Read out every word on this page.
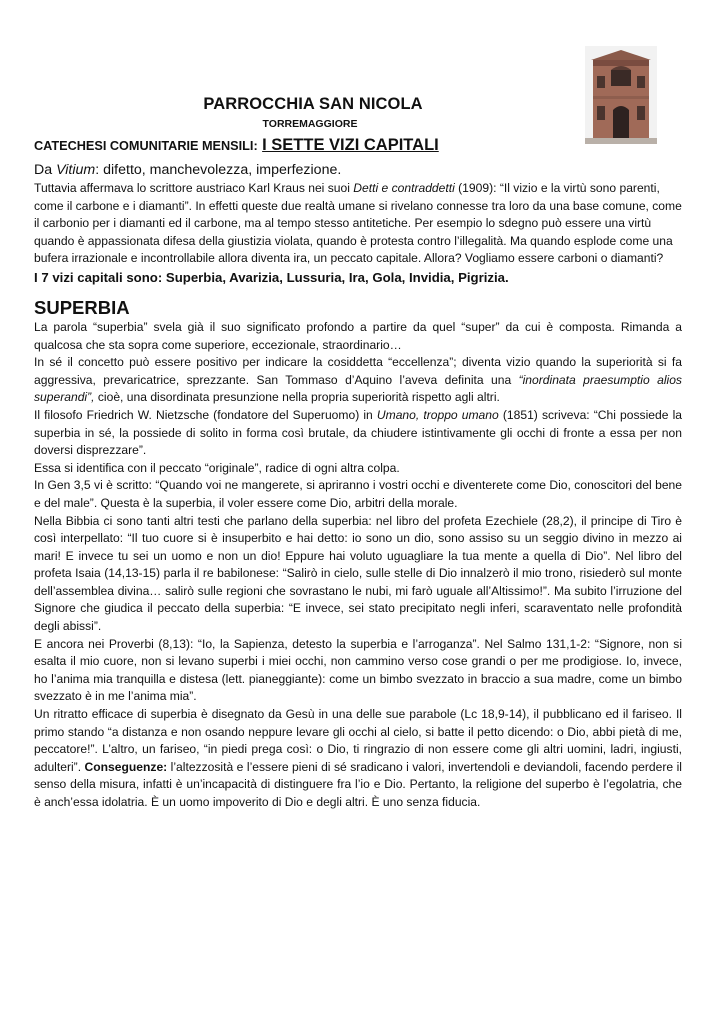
PARROCCHIA SAN NICOLA
TORREMAGGIORE
CATECHESI COMUNITARIE MENSILI: I SETTE VIZI CAPITALI

Da Vitium: difetto, manchevolezza, imperfezione.

Tuttavia affermava lo scrittore austriaco Karl Kraus nei suoi Detti e contraddetti (1909): “Il vizio e la virtù sono parenti, come il carbone e i diamanti”. In effetti queste due realtà umane si rivelano connesse tra loro da una base comune, come il carbonio per i diamanti ed il carbone, ma al tempo stesso antitetiche. Per esempio lo sdegno può essere una virtù quando è appassionata difesa della giustizia violata, quando è protesta contro l’illegalità. Ma quando esplode come una bufera irrazionale e incontrollabile allora diventa ira, un peccato capitale. Allora? Vogliamo essere carboni o diamanti?

I 7 vizi capitali sono: Superbia, Avarizia, Lussuria, Ira, Gola, Invidia, Pigrizia.

SUPERBIA

La parola “superbia” svela già il suo significato profondo a partire da quel “super” da cui è composta. Rimanda a qualcosa che sta sopra come superiore, eccezionale, straordinario…

In sé il concetto può essere positivo per indicare la cosiddetta “eccellenza”; diventa vizio quando la superiorità si fa aggressiva, prevaricatrice, sprezzante. San Tommaso d’Aquino l’aveva definita una “inordinata praesumptio alios superandi”, cioè, una disordinata presunzione nella propria superiorità rispetto agli altri.

Il filosofo Friedrich W. Nietzsche (fondatore del Superuomo) in Umano, troppo umano (1851) scriveva: “Chi possiede la superbia in sé, la possiede di solito in forma così brutale, da chiudere istintivamente gli occhi di fronte a essa per non doversi disprezzare”.

Essa si identifica con il peccato “originale”, radice di ogni altra colpa.

In Gen 3,5 vi è scritto: “Quando voi ne mangerete, si apriranno i vostri occhi e diventerete come Dio, conoscitori del bene e del male”. Questa è la superbia, il voler essere come Dio, arbitri della morale.

Nella Bibbia ci sono tanti altri testi che parlano della superbia: nel libro del profeta Ezechiele (28,2), il principe di Tiro è così interpellato: “Il tuo cuore si è insuperbito e hai detto: io sono un dio, sono assiso su un seggio divino in mezzo ai mari! E invece tu sei un uomo e non un dio! Eppure hai voluto uguagliare la tua mente a quella di Dio”. Nel libro del profeta Isaia (14,13-15) parla il re babilonese: “Salirò in cielo, sulle stelle di Dio innalzerò il mio trono, risiederò sul monte dell’assemblea divina… salirò sulle regioni che sovrastano le nubi, mi farò uguale all’Altissimo!”. Ma subito l’irruzione del Signore che giudica il peccato della superbia: “E invece, sei stato precipitato negli inferi, scaraventato nelle profondità degli abissi”.

E ancora nei Proverbi (8,13): “Io, la Sapienza, detesto la superbia e l’arroganza”. Nel Salmo 131,1-2: “Signore, non si esalta il mio cuore, non si levano superbi i miei occhi, non cammino verso cose grandi o per me prodigiose. Io, invece, ho l’anima mia tranquilla e distesa (lett. pianeggiante): come un bimbo svezzato in braccio a sua madre, come un bimbo svezzato è in me l’anima mia”.

Un ritratto efficace di superbia è disegnato da Gesù in una delle sue parabole (Lc 18,9-14), il pubblicano ed il fariseo. Il primo stando “a distanza e non osando neppure levare gli occhi al cielo, si batte il petto dicendo: o Dio, abbi pietà di me, peccatore!”. L’altro, un fariseo, “in piedi prega così: o Dio, ti ringrazio di non essere come gli altri uomini, ladri, ingiusti, adulteri”. Conseguenze: l’altezzosità e l’essere pieni di sé sradicano i valori, invertendoli e deviandoli, facendo perdere il senso della misura, infatti è un’incapacità di distinguere fra l’io e Dio. Pertanto, la religione del superbo è l’egolatria, che è anch’essa idolatria. È un uomo impoverito di Dio e degli altri. È uno senza fiducia.
